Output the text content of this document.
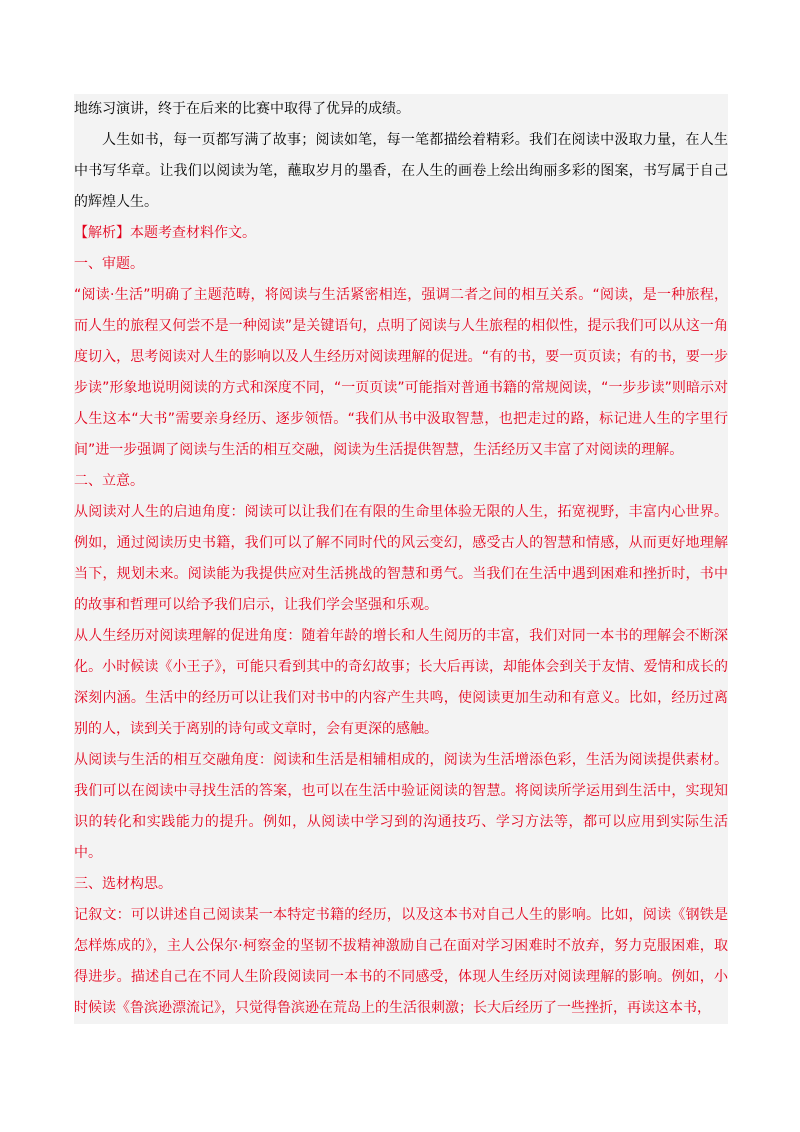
地练习演讲，终于在后来的比赛中取得了优异的成绩。

人生如书，每一页都写满了故事；阅读如笔，每一笔都描绘着精彩。我们在阅读中汲取力量，在人生中书写华章。让我们以阅读为笔，蘸取岁月的墨香，在人生的画卷上绘出绚丽多彩的图案，书写属于自己的辉煌人生。

【解析】本题考查材料作文。

一、审题。

“阅读·生活”明确了主题范畴，将阅读与生活紧密相连，强调二者之间的相互关系。“阅读，是一种旅程，而人生的旅程又何尝不是一种阅读”是关键语句，点明了阅读与人生旅程的相似性，提示我们可以从这一角度切入，思考阅读对人生的影响以及人生经历对阅读理解的促进。“有的书，要一页页读；有的书，要一步步读”形象地说明阅读的方式和深度不同，“一页页读”可能指对普通书籍的常规阅读，“一步步读”则暗示对人生这本“大书”需要亲身经历、逐步领悟。“我们从书中汲取智慧，也把走过的路，标记进人生的字里行间”进一步强调了阅读与生活的相互交融，阅读为生活提供智慧，生活经历又丰富了对阅读的理解。

二、立意。

从阅读对人生的启迪角度：阅读可以让我们在有限的生命里体验无限的人生，拓宽视野，丰富内心世界。例如，通过阅读历史书籍，我们可以了解不同时代的风云变幻，感受古人的智慧和情感，从而更好地理解当下，规划未来。阅读能为我提供应对生活挑战的智慧和勇气。当我们在生活中遇到困难和挫折时，书中的故事和哲理可以给予我们启示，让我们学会坚强和乐观。

从人生经历对阅读理解的促进角度：随着年龄的增长和人生阅历的丰富，我们对同一本书的理解会不断深化。小时候读《小王子》，可能只看到其中的奇幻故事；长大后再读，却能体会到关于友情、爱情和成长的深刻内涵。生活中的经历可以让我们对书中的内容产生共鸣，使阅读更加生动和有意义。比如，经历过离别的人，读到关于离别的诗句或文章时，会有更深的感触。

从阅读与生活的相互交融角度：阅读和生活是相辅相成的，阅读为生活增添色彩，生活为阅读提供素材。我们可以在阅读中寻找生活的答案，也可以在生活中验证阅读的智慧。将阅读所学运用到生活中，实现知识的转化和实践能力的提升。例如，从阅读中学习到的沟通技巧、学习方法等，都可以应用到实际生活中。

三、选材构思。

记叙文：可以讲述自己阅读某一本特定书籍的经历，以及这本书对自己人生的影响。比如，阅读《钢铁是怎样炼成的》，主人公保尔·柯察金的坚韧不拔精神激励自己在面对学习困难时不放弃，努力克服困难，取得进步。描述自己在不同人生阶段阅读同一本书的不同感受，体现人生经历对阅读理解的影响。例如，小时候读《鲁滨逊漂流记》，只觉得鲁滨逊在荒岛上的生活很刺激；长大后经历了一些挫折，再读这本书，
